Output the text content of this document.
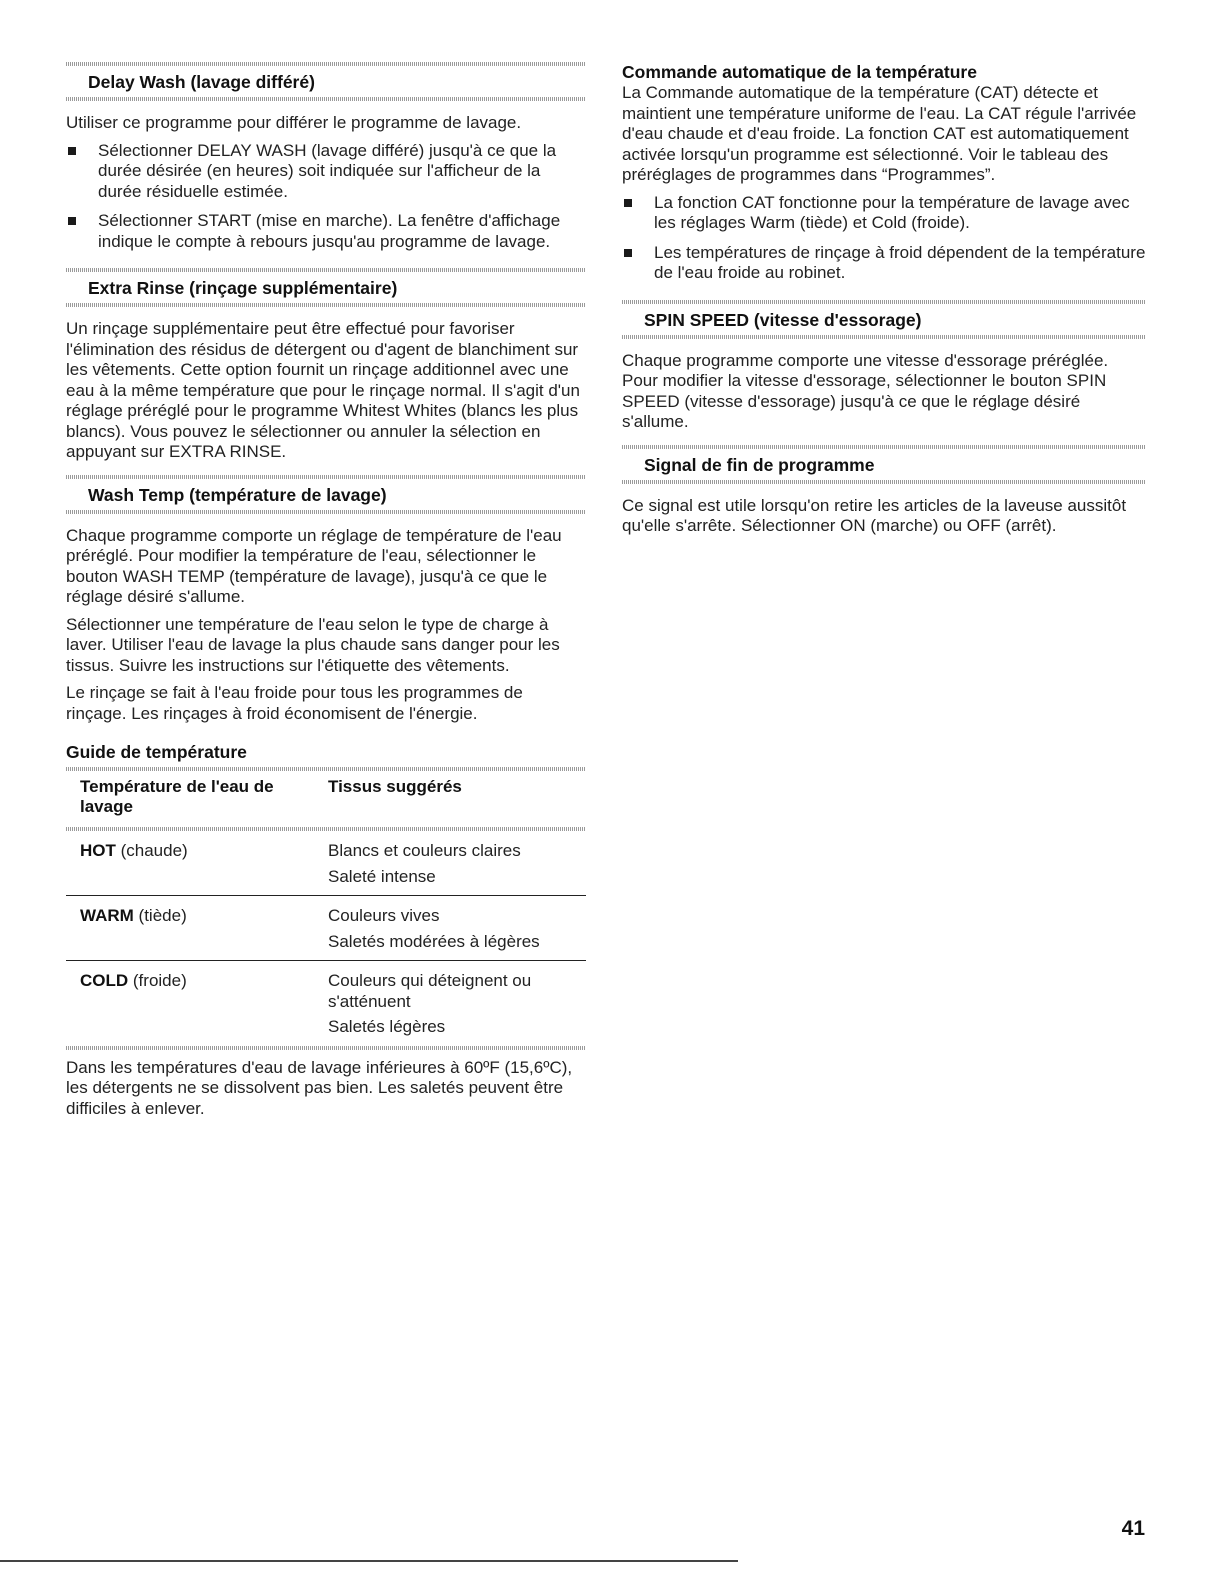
Delay Wash (lavage différé)

Utiliser ce programme pour différer le programme de lavage.

Sélectionner DELAY WASH (lavage différé) jusqu'à ce que la durée désirée (en heures) soit indiquée sur l'afficheur de la durée résiduelle estimée.
Sélectionner START (mise en marche). La fenêtre d'affichage indique le compte à rebours jusqu'au programme de lavage.
Extra Rinse (rinçage supplémentaire)

Un rinçage supplémentaire peut être effectué pour favoriser l'élimination des résidus de détergent ou d'agent de blanchiment sur les vêtements. Cette option fournit un rinçage additionnel avec une eau à la même température que pour le rinçage normal. Il s'agit d'un réglage préréglé pour le programme Whitest Whites (blancs les plus blancs). Vous pouvez le sélectionner ou annuler la sélection en appuyant sur EXTRA RINSE.

Wash Temp (température de lavage)

Chaque programme comporte un réglage de température de l'eau préréglé. Pour modifier la température de l'eau, sélectionner le bouton WASH TEMP (température de lavage), jusqu'à ce que le réglage désiré s'allume.

Sélectionner une température de l'eau selon le type de charge à laver. Utiliser l'eau de lavage la plus chaude sans danger pour les tissus. Suivre les instructions sur l'étiquette des vêtements.

Le rinçage se fait à l'eau froide pour tous les programmes de rinçage. Les rinçages à froid économisent de l'énergie.

Guide de température
Température de l'eau de lavage	Tissus suggérés

HOT (chaude)	Blancs et couleurs claires
Saleté intense

WARM (tiède)	Couleurs vives
Saletés modérées à légères

COLD (froide)	Couleurs qui déteignent ou s'atténuent
Saletés légères

Dans les températures d'eau de lavage inférieures à 60ºF (15,6ºC), les détergents ne se dissolvent pas bien. Les saletés peuvent être difficiles à enlever.

Commande automatique de la température

La Commande automatique de la température (CAT) détecte et maintient une température uniforme de l'eau. La CAT régule l'arrivée d'eau chaude et d'eau froide. La fonction CAT est automatiquement activée lorsqu'un programme est sélectionné. Voir le tableau des préréglages de programmes dans “Programmes”.

La fonction CAT fonctionne pour la température de lavage avec les réglages Warm (tiède) et Cold (froide).
Les températures de rinçage à froid dépendent de la température de l'eau froide au robinet.
SPIN SPEED (vitesse d'essorage)

Chaque programme comporte une vitesse d'essorage préréglée. Pour modifier la vitesse d'essorage, sélectionner le bouton SPIN SPEED (vitesse d'essorage) jusqu'à ce que le réglage désiré s'allume.

Signal de fin de programme

Ce signal est utile lorsqu'on retire les articles de la laveuse aussitôt qu'elle s'arrête. Sélectionner ON (marche) ou OFF (arrêt).

41
